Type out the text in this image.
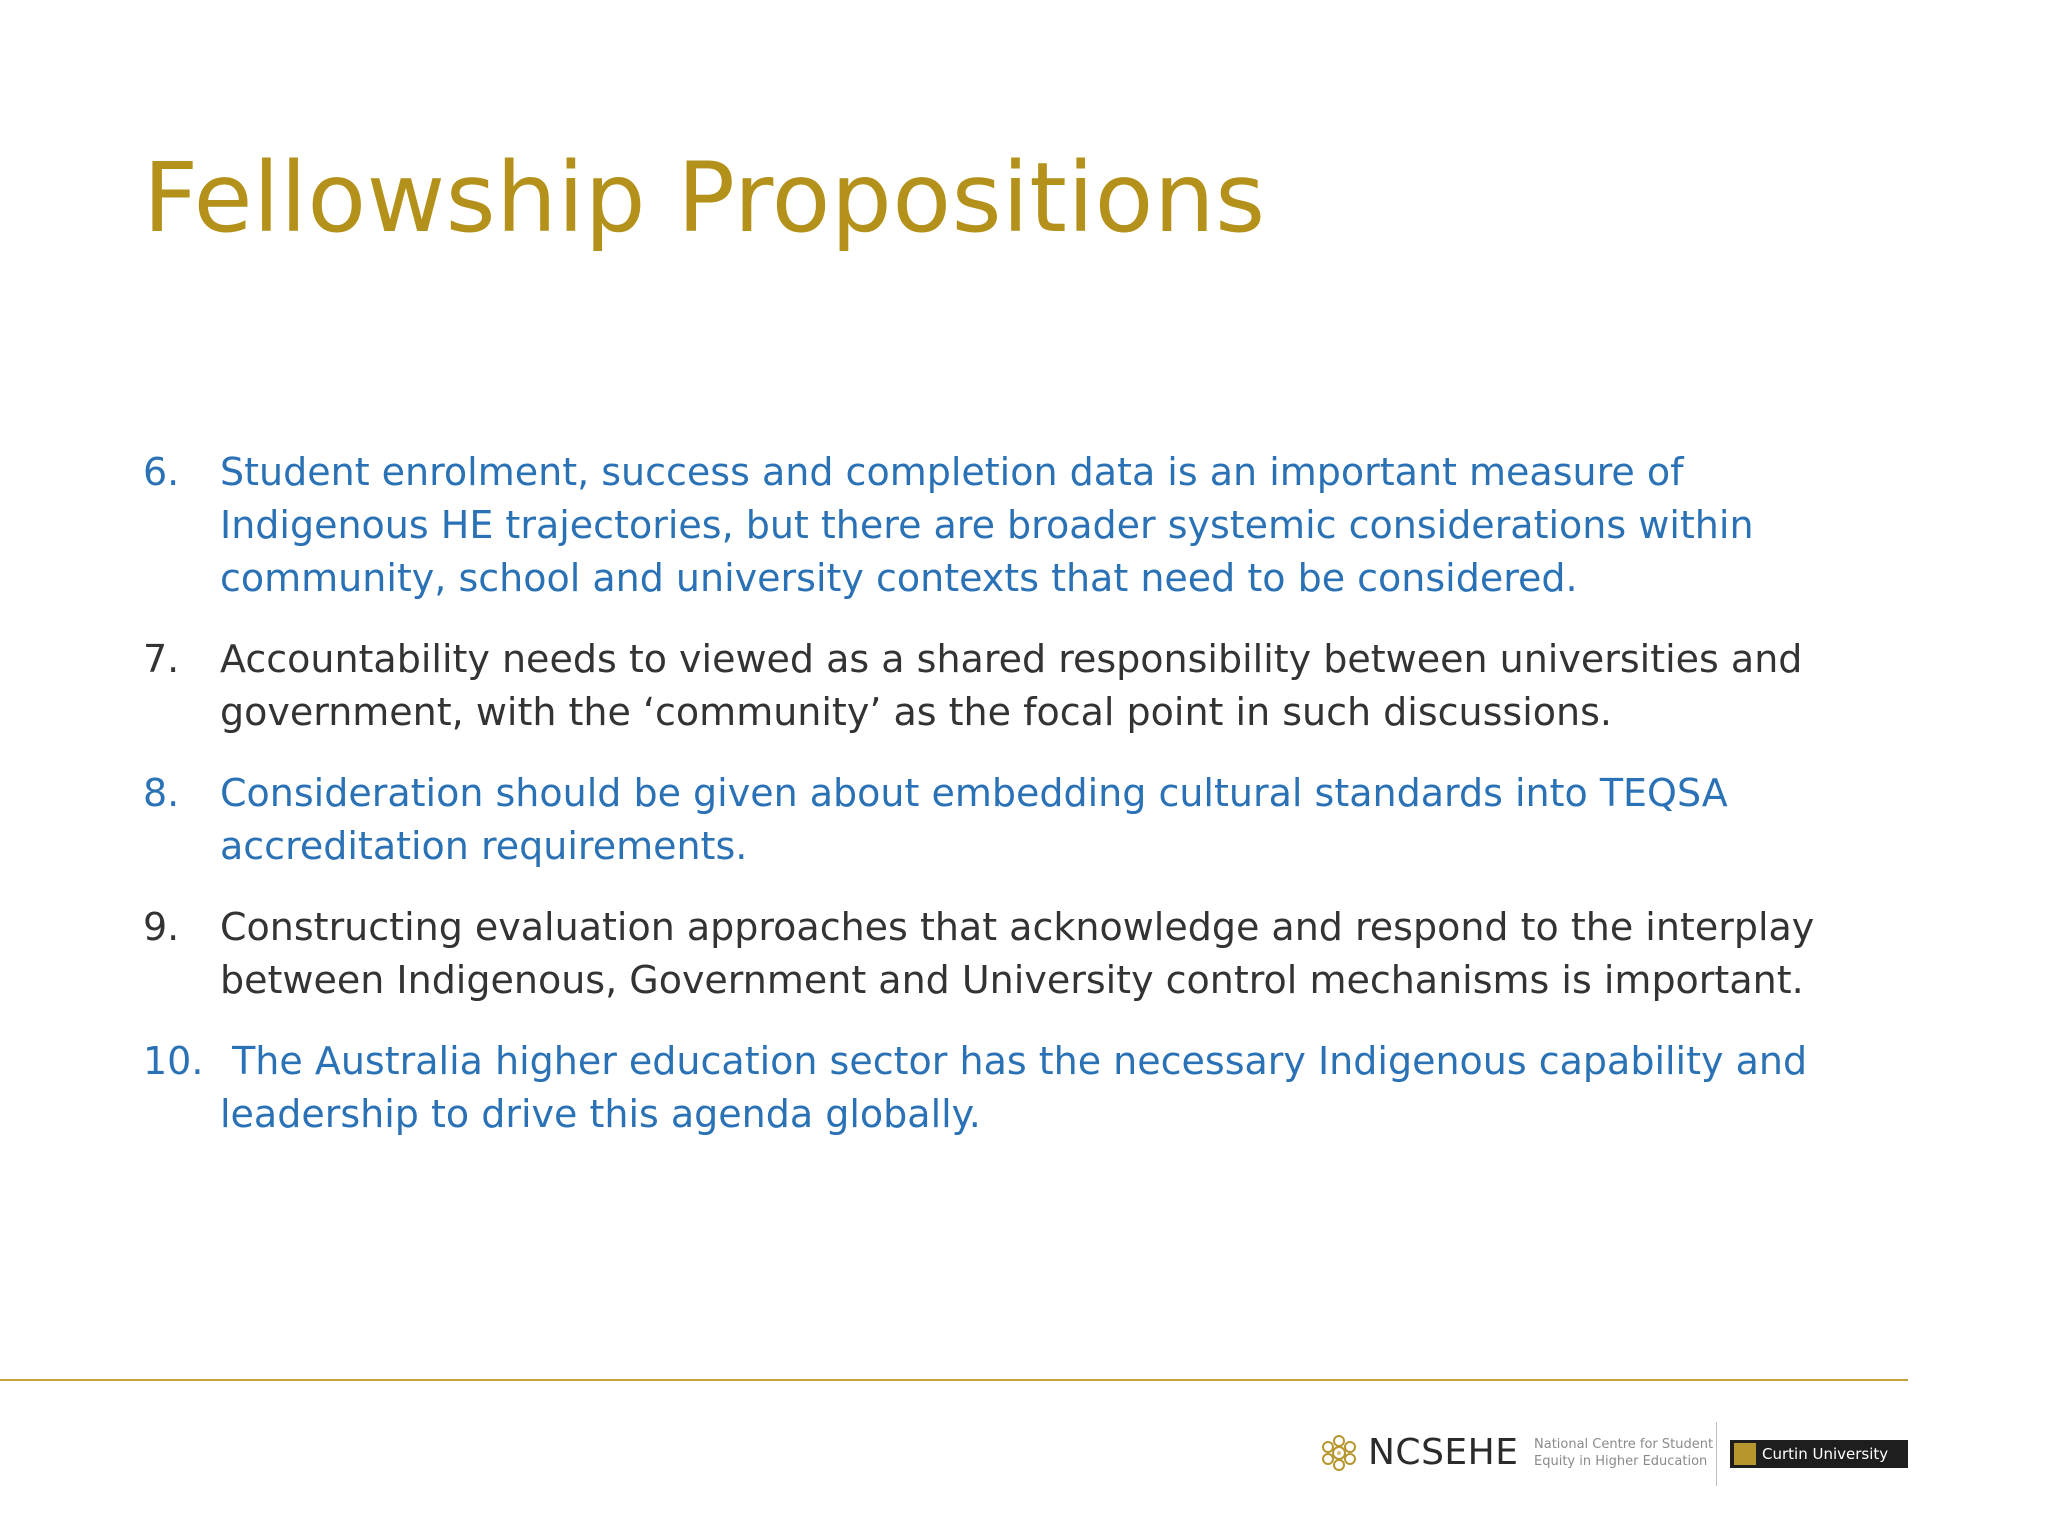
Fellowship Propositions
6. Student enrolment, success and completion data is an important measure of
Indigenous HE trajectories, but there are broader systemic considerations within
community, school and university contexts that need to be considered.
7. Accountability needs to viewed as a shared responsibility between universities and
government, with the ‘community’ as the focal point in such discussions.
8. Consideration should be given about embedding cultural standards into TEQSA
accreditation requirements.
9. Constructing evaluation approaches that acknowledge and respond to the interplay
between Indigenous, Government and University control mechanisms is important.
10. The Australia higher education sector has the necessary Indigenous capability and
leadership to drive this agenda globally.
NCSEHE National Centre for Student
Equity in Higher Education	Curtin University
